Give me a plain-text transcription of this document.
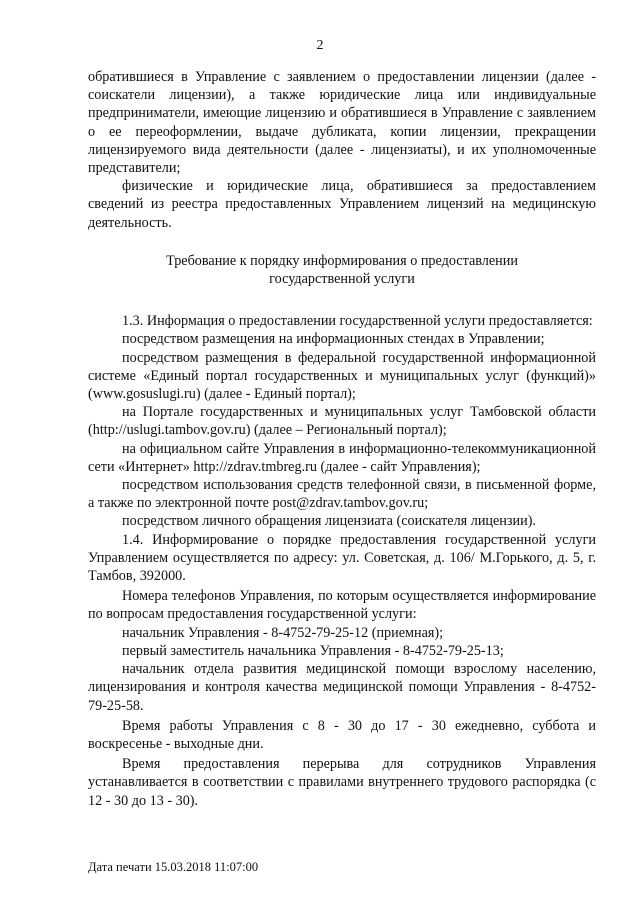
2

обратившиеся в Управление с заявлением о предоставлении лицензии (далее - соискатели лицензии), а также юридические лица или индивидуальные предприниматели, имеющие лицензию и обратившиеся в Управление с заявлением о ее переоформлении, выдаче дубликата, копии лицензии, прекращении лицензируемого вида деятельности (далее - лицензиаты), и их уполномоченные представители;

физические и юридические лица, обратившиеся за предоставлением сведений из реестра предоставленных Управлением лицензий на медицинскую деятельность.

Требование к порядку информирования о предоставлении
государственной услуги

1.3. Информация о предоставлении государственной услуги предоставляется:

посредством размещения на информационных стендах в Управлении;

посредством размещения в федеральной государственной информационной системе «Единый портал государственных и муниципальных услуг (функций)» (www.gosuslugi.ru) (далее - Единый портал);

на Портале государственных и муниципальных услуг Тамбовской области (http://uslugi.tambov.gov.ru) (далее – Региональный портал);

на официальном сайте Управления в информационно-телекоммуникационной сети «Интернет» http://zdrav.tmbreg.ru (далее - сайт Управления);

посредством использования средств телефонной связи, в письменной форме, а также по электронной почте post@zdrav.tambov.gov.ru;

посредством личного обращения лицензиата (соискателя лицензии).

1.4. Информирование о порядке предоставления государственной услуги Управлением осуществляется по адресу: ул. Советская, д. 106/ М.Горького, д. 5, г. Тамбов, 392000.

Номера телефонов Управления, по которым осуществляется информирование по вопросам предоставления государственной услуги:

начальник Управления - 8-4752-79-25-12 (приемная);

первый заместитель начальника Управления - 8-4752-79-25-13;

начальник отдела развития медицинской помощи взрослому населению, лицензирования и контроля качества медицинской помощи Управления - 8-4752-79-25-58.

Время работы Управления с 8 - 30 до 17 - 30 ежедневно, суббота и воскресенье - выходные дни.

Время предоставления перерыва для сотрудников Управления устанавливается в соответствии с правилами внутреннего трудового распорядка (с 12 - 30 до 13 - 30).

Дата печати 15.03.2018 11:07:00
